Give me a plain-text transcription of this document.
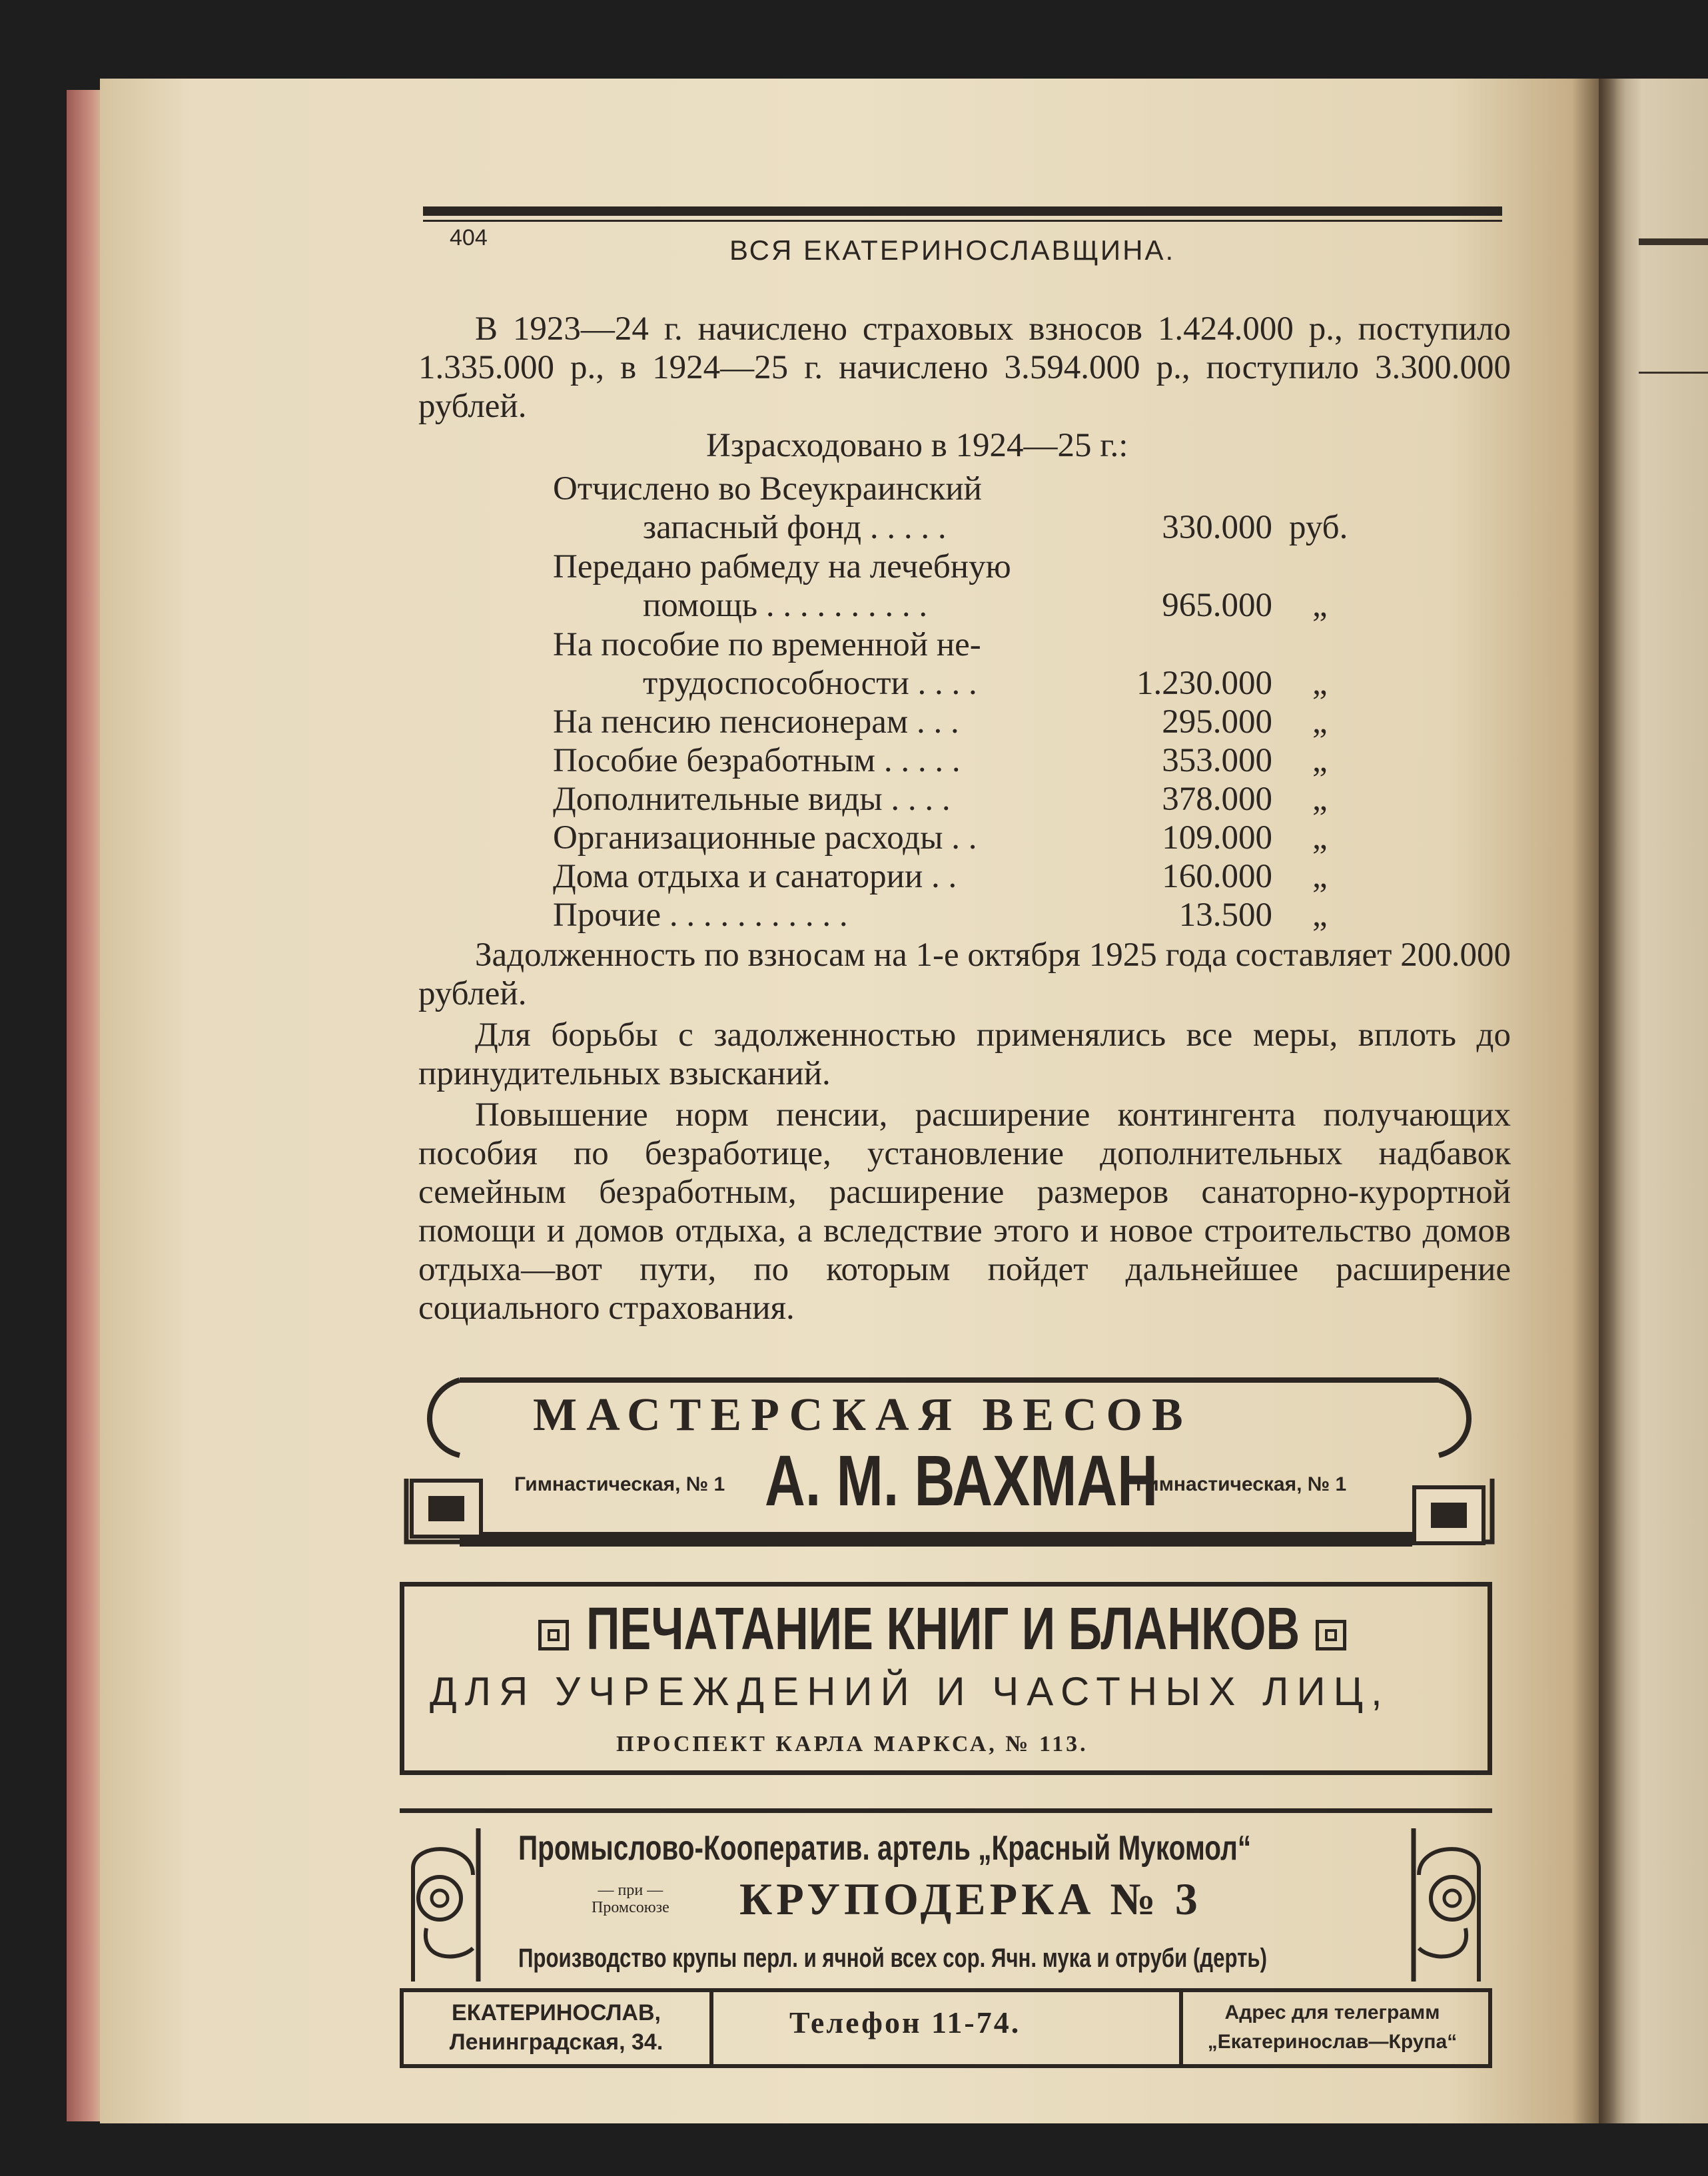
404	ВСЯ ЕКАТЕРИНОСЛАВЩИНА.

В 1923—24 г. начислено страховых взносов 1.424.000 р., поступило 1.335.000 р., в 1924—25 г. начислено 3.594.000 р., поступило 3.300.000 рублей.

Израсходовано в 1924—25 г.:
Отчислено во Всеукраинский
запасный фонд . . . . .	330.000 руб.
Передано рабмеду на лечебную
помощь . . . . . . . . . .	965.000 „
На пособие по временной не-
трудоспособности . . . .	1.230.000 „
На пенсию пенсионерам . . .	295.000 „
Пособие безработным . . . . .	353.000 „
Дополнительные виды . . . .	378.000 „
Организационные расходы . .	109.000 „
Дома отдыха и санатории . .	160.000 „
Прочие . . . . . . . . . . .	13.500 „

Задолженность по взносам на 1-е октября 1925 года составляет 200.000 рублей.

Для борьбы с задолженностью применялись все меры, вплоть до принудительных взысканий.

Повышение норм пенсии, расширение контингента получающих пособия по безработице, установление дополнительных надбавок семейным безработным, расширение размеров санаторно-курортной помощи и домов отдыха, а вследствие этого и новое строительство домов отдыха—вот пути, по которым пойдет дальнейшее расширение социального страхования.

МАСТЕРСКАЯ ВЕСОВ
Гимнастическая, № 1 А. М. ВАХМАН
Гимнастическая, № 1
ПЕЧАТАНИЕ КНИГ И БЛАНКОВ
ДЛЯ УЧРЕЖДЕНИЙ И ЧАСТНЫХ ЛИЦ,
ПРОСПЕКТ КАРЛА МАРКСА, № 113.
Промыслово-Кооператив. артель „Красный Мукомол“
— при —
Промсоюзе КРУПОДЕРКА № 3
Производство крупы перл. и ячной всех сор. Ячн. мука и отруби (дерть)
ЕКАТЕРИНОСЛАВ,
Ленинградская, 34.
Телефон 11-74.	Адрес для телеграмм
„Екатеринослав—Крупа“
